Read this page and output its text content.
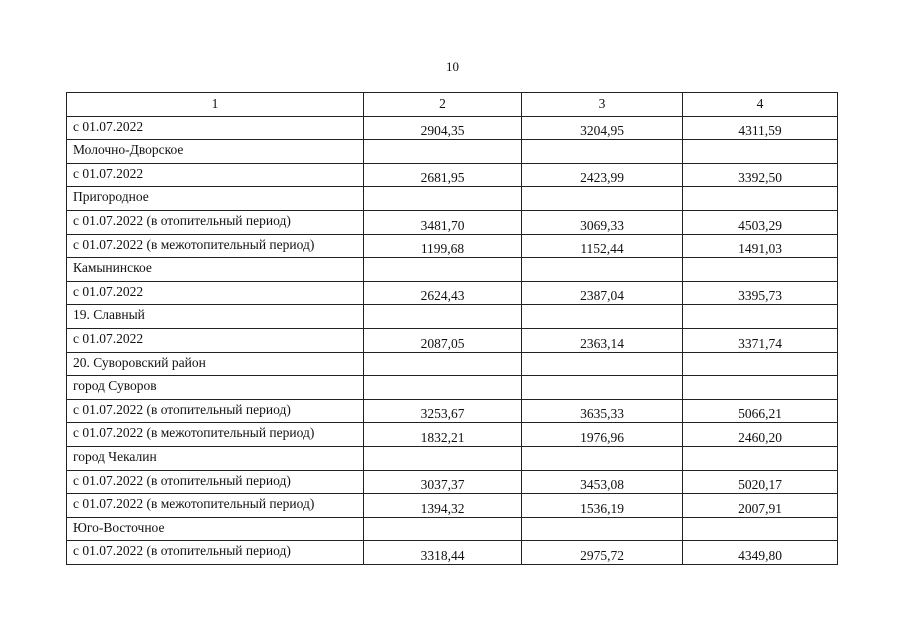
10
1	2	3	4
с 01.07.2022	2904,35	3204,95	4311,59
Молочно-Дворское			
с 01.07.2022	2681,95	2423,99	3392,50
Пригородное			
с 01.07.2022 (в отопительный период)	3481,70	3069,33	4503,29
с 01.07.2022 (в межотопительный период)	1199,68	1152,44	1491,03
Камынинское			
с 01.07.2022	2624,43	2387,04	3395,73
19. Славный			
с 01.07.2022	2087,05	2363,14	3371,74
20. Суворовский район			
город Суворов			
с 01.07.2022 (в отопительный период)	3253,67	3635,33	5066,21
с 01.07.2022 (в межотопительный период)	1832,21	1976,96	2460,20
город Чекалин			
с 01.07.2022 (в отопительный период)	3037,37	3453,08	5020,17
с 01.07.2022 (в межотопительный период)	1394,32	1536,19	2007,91
Юго-Восточное			
с 01.07.2022 (в отопительный период)	3318,44	2975,72	4349,80
